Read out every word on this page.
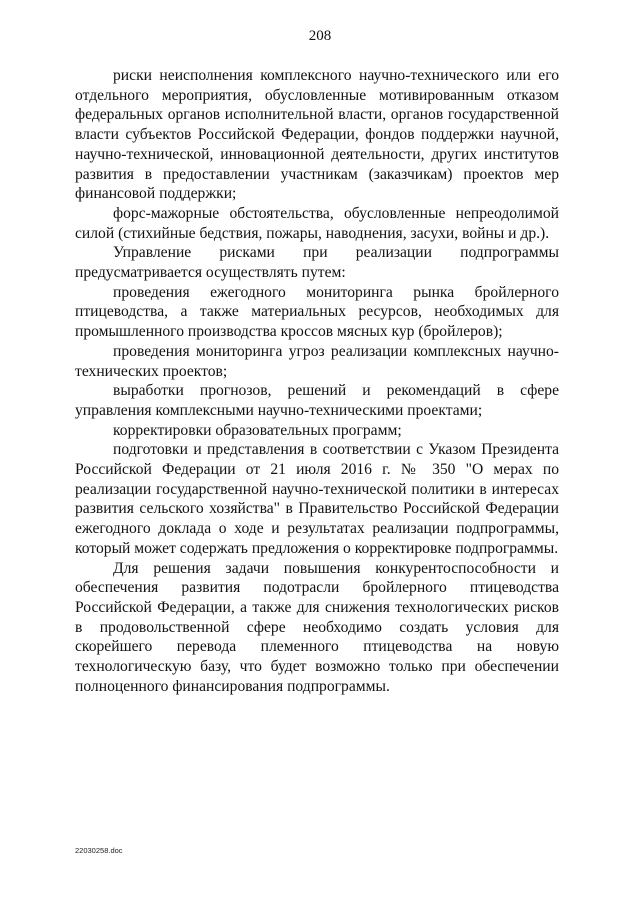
208

риски неисполнения комплексного научно-технического или его отдельного мероприятия, обусловленные мотивированным отказом федеральных органов исполнительной власти, органов государственной власти субъектов Российской Федерации, фондов поддержки научной, научно-технической, инновационной деятельности, других институтов развития в предоставлении участникам (заказчикам) проектов мер финансовой поддержки;

форс-мажорные обстоятельства, обусловленные непреодолимой силой (стихийные бедствия, пожары, наводнения, засухи, войны и др.).

Управление рисками при реализации подпрограммы предусматривается осуществлять путем:

проведения ежегодного мониторинга рынка бройлерного птицеводства, а также материальных ресурсов, необходимых для промышленного производства кроссов мясных кур (бройлеров);

проведения мониторинга угроз реализации комплексных научно-технических проектов;

выработки прогнозов, решений и рекомендаций в сфере управления комплексными научно-техническими проектами;

корректировки образовательных программ;

подготовки и представления в соответствии с Указом Президента Российской Федерации от 21 июля 2016 г. № 350 "О мерах по реализации государственной научно-технической политики в интересах развития сельского хозяйства" в Правительство Российской Федерации ежегодного доклада о ходе и результатах реализации подпрограммы, который может содержать предложения о корректировке подпрограммы.

Для решения задачи повышения конкурентоспособности и обеспечения развития подотрасли бройлерного птицеводства Российской Федерации, а также для снижения технологических рисков в продовольственной сфере необходимо создать условия для скорейшего перевода племенного птицеводства на новую технологическую базу, что будет возможно только при обеспечении полноценного финансирования подпрограммы.

22030258.doc
